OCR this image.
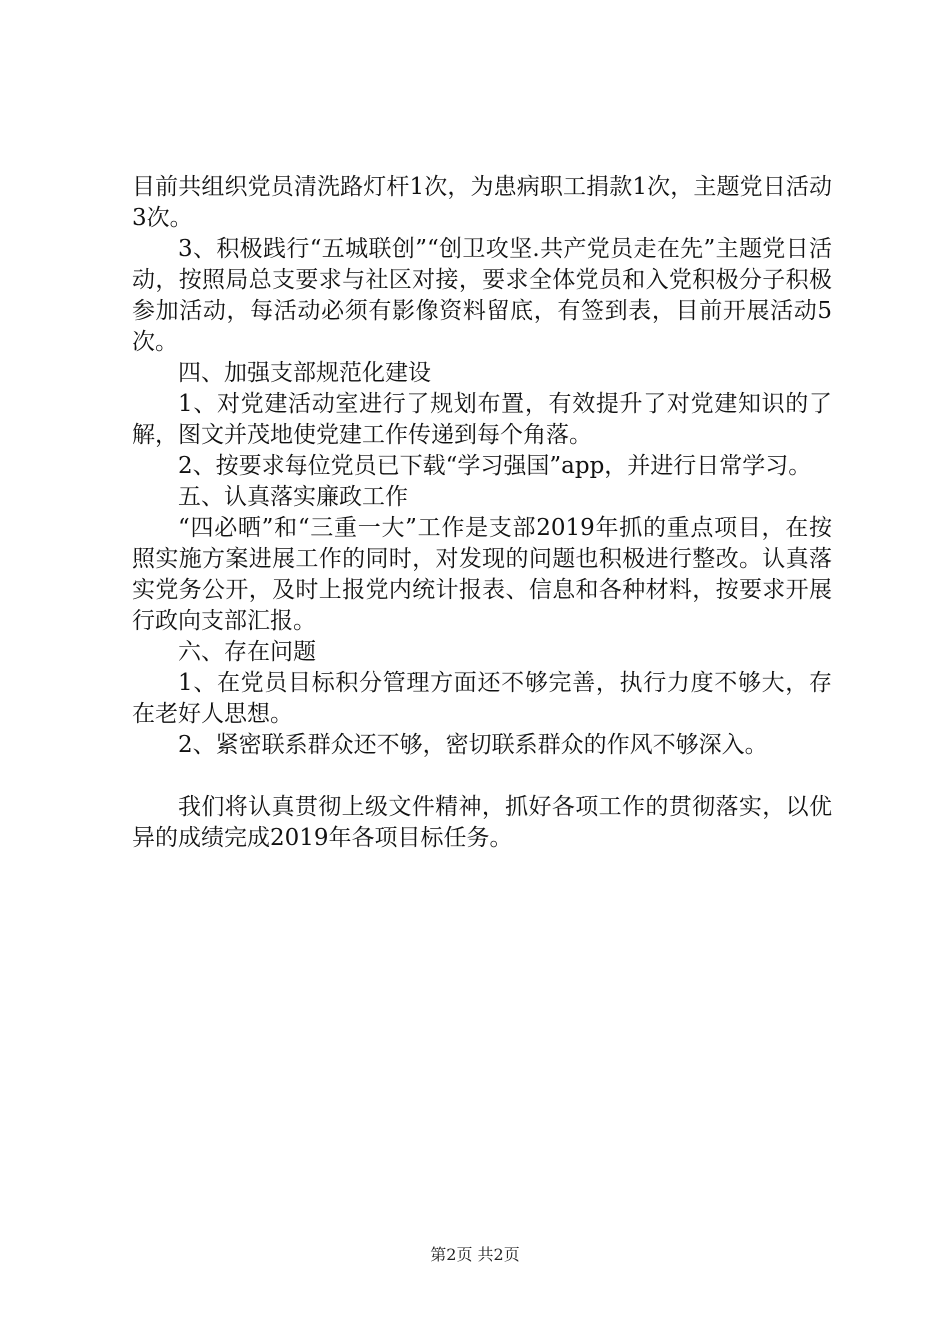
目前共组织党员清洗路灯杆1次，为患病职工捐款1次，主题党日活动3次。

3、积极践行“五城联创”“创卫攻坚.共产党员走在先”主题党日活动，按照局总支要求与社区对接，要求全体党员和入党积极分子积极参加活动，每活动必须有影像资料留底，有签到表，目前开展活动5次。

四、加强支部规范化建设

1、对党建活动室进行了规划布置，有效提升了对党建知识的了解，图文并茂地使党建工作传递到每个角落。

2、按要求每位党员已下载“学习强国”app，并进行日常学习。

五、认真落实廉政工作

“四必晒”和“三重一大”工作是支部2019年抓的重点项目，在按照实施方案进展工作的同时，对发现的问题也积极进行整改。认真落实党务公开，及时上报党内统计报表、信息和各种材料，按要求开展行政向支部汇报。

六、存在问题

1、在党员目标积分管理方面还不够完善，执行力度不够大，存在老好人思想。

2、紧密联系群众还不够，密切联系群众的作风不够深入。

我们将认真贯彻上级文件精神，抓好各项工作的贯彻落实，以优异的成绩完成2019年各项目标任务。

第2页 共2页
